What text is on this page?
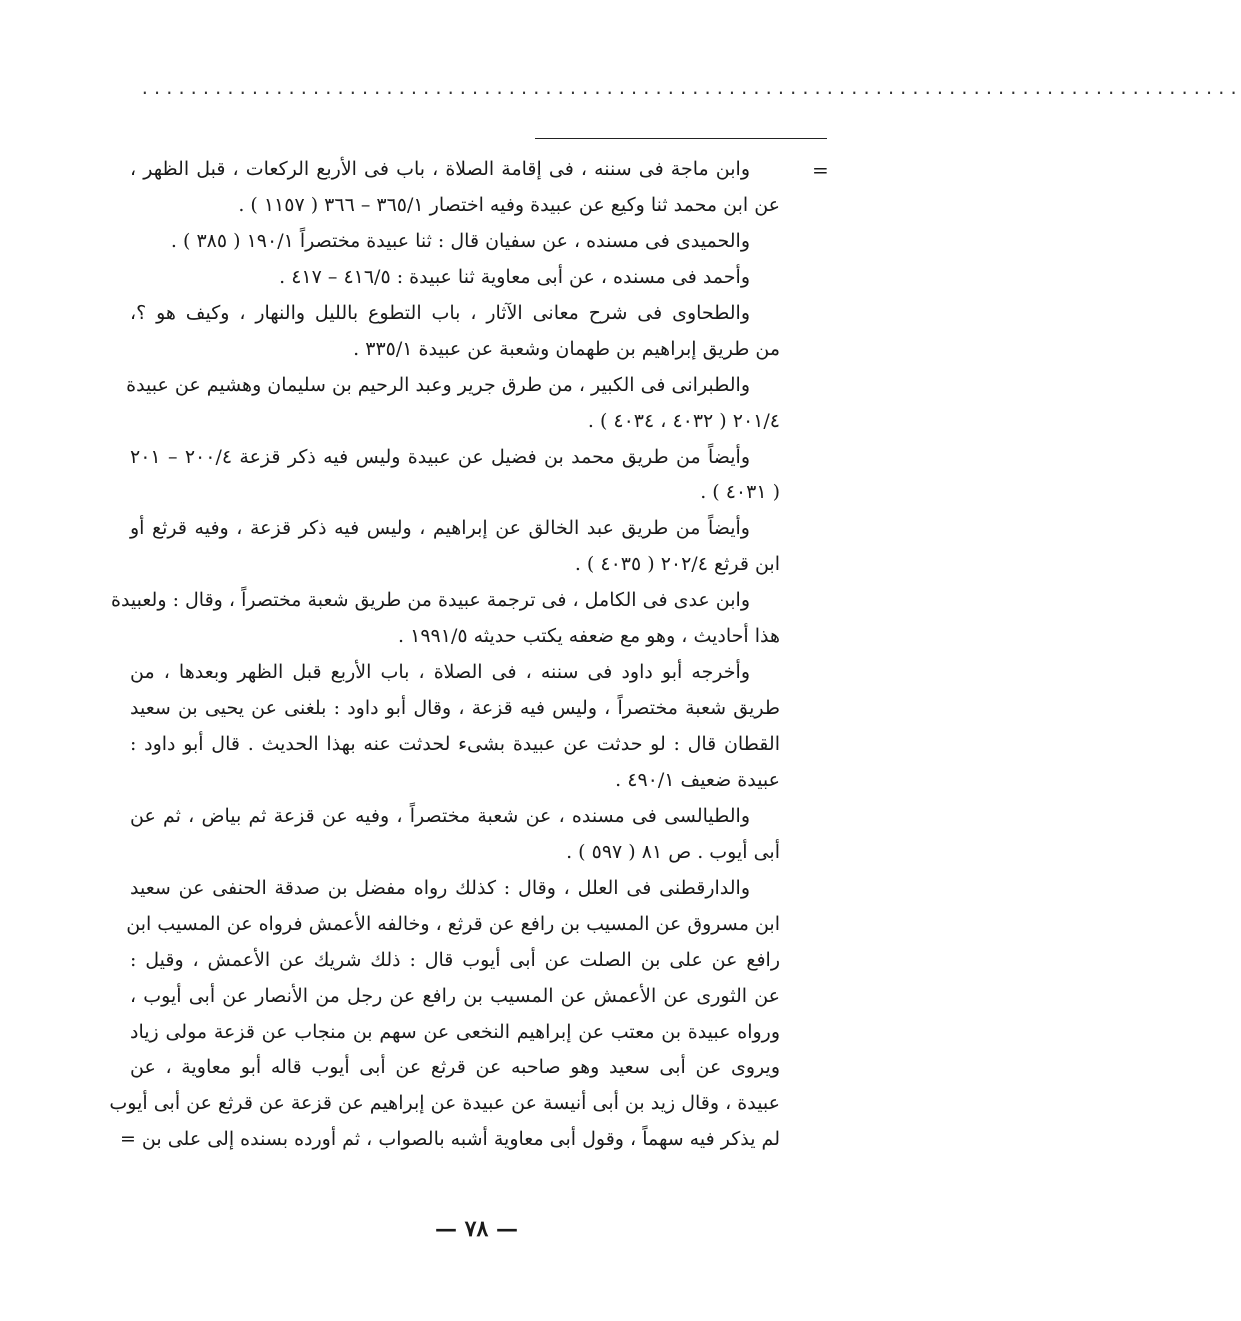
..........................................................................................
=
وابن ماجة فى سننه ، فى إقامة الصلاة ، باب فى الأربع الركعات ، قبل الظهر ،
عن ابن محمد ثنا وكيع عن عبيدة وفيه اختصار ٣٦٥/١ – ٣٦٦ ( ١١٥٧ ) .
والحميدى فى مسنده ، عن سفيان قال : ثنا عبيدة مختصراً ١٩٠/١ ( ٣٨٥ ) .
وأحمد فى مسنده ، عن أبى معاوية ثنا عبيدة : ٤١٦/٥ – ٤١٧ .
والطحاوى فى شرح معانى الآثار ، باب التطوع بالليل والنهار ، وكيف هو ؟،
من طريق إبراهيم بن طهمان وشعبة عن عبيدة ٣٣٥/١ .
والطبرانى فى الكبير ، من طرق جرير وعبد الرحيم بن سليمان وهشيم عن عبيدة
٢٠١/٤ ( ٤٠٣٢ ، ٤٠٣٤ ) .
وأيضاً من طريق محمد بن فضيل عن عبيدة وليس فيه ذكر قزعة ٢٠٠/٤ – ٢٠١
( ٤٠٣١ ) .
وأيضاً من طريق عبد الخالق عن إبراهيم ، وليس فيه ذكر قزعة ، وفيه قرثع أو
ابن قرثع ٢٠٢/٤ ( ٤٠٣٥ ) .
وابن عدى فى الكامل ، فى ترجمة عبيدة من طريق شعبة مختصراً ، وقال : ولعبيدة
هذا أحاديث ، وهو مع ضعفه يكتب حديثه ١٩٩١/٥ .
وأخرجه أبو داود فى سننه ، فى الصلاة ، باب الأربع قبل الظهر وبعدها ، من
طريق شعبة مختصراً ، وليس فيه قزعة ، وقال أبو داود : بلغنى عن يحيى بن سعيد
القطان قال : لو حدثت عن عبيدة بشىء لحدثت عنه بهذا الحديث . قال أبو داود :
عبيدة ضعيف ٤٩٠/١ .
والطيالسى فى مسنده ، عن شعبة مختصراً ، وفيه عن قزعة ثم بياض ، ثم عن
أبى أيوب . ص ٨١ ( ٥٩٧ ) .
والدارقطنى فى العلل ، وقال : كذلك رواه مفضل بن صدقة الحنفى عن سعيد
ابن مسروق عن المسيب بن رافع عن قرثع ، وخالفه الأعمش فرواه عن المسيب ابن
رافع عن على بن الصلت عن أبى أيوب قال : ذلك شريك عن الأعمش ، وقيل :
عن الثورى عن الأعمش عن المسيب بن رافع عن رجل من الأنصار عن أبى أيوب ،
ورواه عبيدة بن معتب عن إبراهيم النخعى عن سهم بن منجاب عن قزعة مولى زياد
ويروى عن أبى سعيد وهو صاحبه عن قرثع عن أبى أيوب قاله أبو معاوية ، عن
عبيدة ، وقال زيد بن أبى أنيسة عن عبيدة عن إبراهيم عن قزعة عن قرثع عن أبى أيوب
لم يذكر فيه سهماً ، وقول أبى معاوية أشبه بالصواب ، ثم أورده بسنده إلى على بن =
— ٧٨ —
